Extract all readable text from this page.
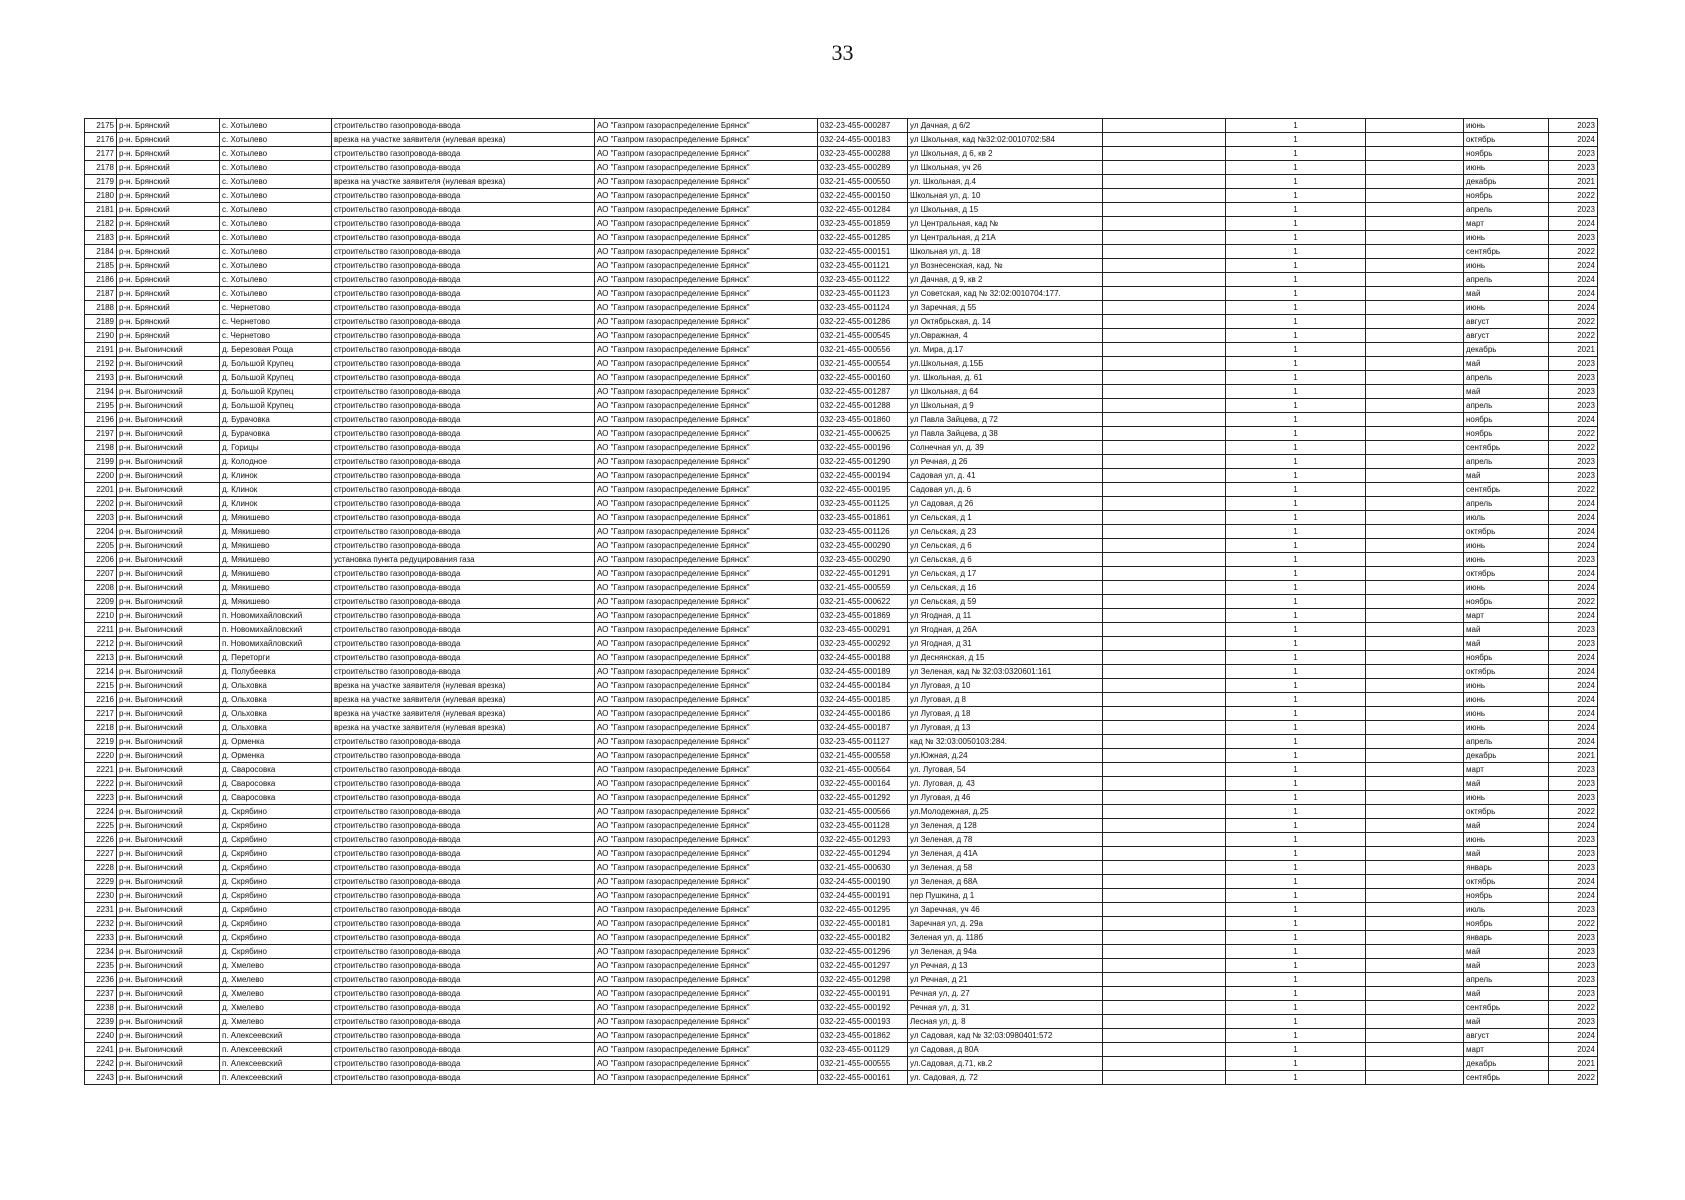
33
2175	р-н. Брянский	с. Хотылево	строительство газопровода-ввода	АО "Газпром газораспределение Брянск"	032-23-455-000287	ул Дачная, д 6/2		1		июнь	2023
2176	р-н. Брянский	с. Хотылево	врезка на участке заявителя (нулевая врезка)	АО "Газпром газораспределение Брянск"	032-24-455-000183	ул Школьная, кад №32:02:0010702:584		1		октябрь	2024
2177	р-н. Брянский	с. Хотылево	строительство газопровода-ввода	АО "Газпром газораспределение Брянск"	032-23-455-000288	ул Школьная, д 6, кв 2		1		ноябрь	2023
2178	р-н. Брянский	с. Хотылево	строительство газопровода-ввода	АО "Газпром газораспределение Брянск"	032-23-455-000289	ул Школьная, уч 26		1		июнь	2023
2179	р-н. Брянский	с. Хотылево	врезка на участке заявителя (нулевая врезка)	АО "Газпром газораспределение Брянск"	032-21-455-000550	ул. Школьная, д.4		1		декабрь	2021
2180	р-н. Брянский	с. Хотылево	строительство газопровода-ввода	АО "Газпром газораспределение Брянск"	032-22-455-000150	Школьная ул, д. 10		1		ноябрь	2022
2181	р-н. Брянский	с. Хотылево	строительство газопровода-ввода	АО "Газпром газораспределение Брянск"	032-22-455-001284	ул Школьная, д 15		1		апрель	2023
2182	р-н. Брянский	с. Хотылево	строительство газопровода-ввода	АО "Газпром газораспределение Брянск"	032-23-455-001859	ул Центральная, кад №		1		март	2024
2183	р-н. Брянский	с. Хотылево	строительство газопровода-ввода	АО "Газпром газораспределение Брянск"	032-22-455-001285	ул Центральная, д 21А		1		июнь	2023
2184	р-н. Брянский	с. Хотылево	строительство газопровода-ввода	АО "Газпром газораспределение Брянск"	032-22-455-000151	Школьная ул, д. 18		1		сентябрь	2022
2185	р-н. Брянский	с. Хотылево	строительство газопровода-ввода	АО "Газпром газораспределение Брянск"	032-23-455-001121	ул Вознесенская, кад. №		1		июнь	2024
2186	р-н. Брянский	с. Хотылево	строительство газопровода-ввода	АО "Газпром газораспределение Брянск"	032-23-455-001122	ул Дачная, д 9, кв 2		1		апрель	2024
2187	р-н. Брянский	с. Хотылево	строительство газопровода-ввода	АО "Газпром газораспределение Брянск"	032-23-455-001123	ул Советская, кад № 32:02:0010704:177.		1		май	2024
2188	р-н. Брянский	с. Чернетово	строительство газопровода-ввода	АО "Газпром газораспределение Брянск"	032-23-455-001124	ул Заречная, д 55		1		июнь	2024
2189	р-н. Брянский	с. Чернетово	строительство газопровода-ввода	АО "Газпром газораспределение Брянск"	032-22-455-001286	ул Октябрьская, д. 14		1		август	2022
2190	р-н. Брянский	с. Чернетово	строительство газопровода-ввода	АО "Газпром газораспределение Брянск"	032-21-455-000545	ул.Овражная, 4		1		август	2022
2191	р-н. Выгоничский	д. Березовая Роща	строительство газопровода-ввода	АО "Газпром газораспределение Брянск"	032-21-455-000556	ул. Мира, д.17		1		декабрь	2021
2192	р-н. Выгоничский	д. Большой Крупец	строительство газопровода-ввода	АО "Газпром газораспределение Брянск"	032-21-455-000554	ул.Школьная, д.15Б		1		май	2023
2193	р-н. Выгоничский	д. Большой Крупец	строительство газопровода-ввода	АО "Газпром газораспределение Брянск"	032-22-455-000160	ул. Школьная, д. 61		1		апрель	2023
2194	р-н. Выгоничский	д. Большой Крупец	строительство газопровода-ввода	АО "Газпром газораспределение Брянск"	032-22-455-001287	ул Школьная, д 64		1		май	2023
2195	р-н. Выгоничский	д. Большой Крупец	строительство газопровода-ввода	АО "Газпром газораспределение Брянск"	032-22-455-001288	ул Школьная, д 9		1		апрель	2023
2196	р-н. Выгоничский	д. Бурачовка	строительство газопровода-ввода	АО "Газпром газораспределение Брянск"	032-23-455-001860	ул Павла Зайцева, д 72		1		ноябрь	2024
2197	р-н. Выгоничский	д. Бурачовка	строительство газопровода-ввода	АО "Газпром газораспределение Брянск"	032-21-455-000625	ул Павла Зайцева, д 38		1		ноябрь	2022
2198	р-н. Выгоничский	д. Горицы	строительство газопровода-ввода	АО "Газпром газораспределение Брянск"	032-22-455-000196	Солнечная ул, д. 39		1		сентябрь	2022
2199	р-н. Выгоничский	д. Колодное	строительство газопровода-ввода	АО "Газпром газораспределение Брянск"	032-22-455-001290	ул Речная, д 26		1		апрель	2023
2200	р-н. Выгоничский	д. Клинок	строительство газопровода-ввода	АО "Газпром газораспределение Брянск"	032-22-455-000194	Садовая ул, д. 41		1		май	2023
2201	р-н. Выгоничский	д. Клинок	строительство газопровода-ввода	АО "Газпром газораспределение Брянск"	032-22-455-000195	Садовая ул, д. 6		1		сентябрь	2022
2202	р-н. Выгоничский	д. Клинок	строительство газопровода-ввода	АО "Газпром газораспределение Брянск"	032-23-455-001125	ул Садовая, д 26		1		апрель	2024
2203	р-н. Выгоничский	д. Мякишево	строительство газопровода-ввода	АО "Газпром газораспределение Брянск"	032-23-455-001861	ул Сельская, д 1		1		июль	2024
2204	р-н. Выгоничский	д. Мякишево	строительство газопровода-ввода	АО "Газпром газораспределение Брянск"	032-23-455-001126	ул Сельская, д 23		1		октябрь	2024
2205	р-н. Выгоничский	д. Мякишево	строительство газопровода-ввода	АО "Газпром газораспределение Брянск"	032-23-455-000290	ул Сельская, д 6		1		июнь	2024
2206	р-н. Выгоничский	д. Мякишево	установка пункта редуцирования газа	АО "Газпром газораспределение Брянск"	032-23-455-000290	ул Сельская, д 6		1		июнь	2023
2207	р-н. Выгоничский	д. Мякишево	строительство газопровода-ввода	АО "Газпром газораспределение Брянск"	032-22-455-001291	ул Сельская, д 17		1		октябрь	2024
2208	р-н. Выгоничский	д. Мякишево	строительство газопровода-ввода	АО "Газпром газораспределение Брянск"	032-21-455-000559	ул Сельская, д 16		1		июнь	2024
2209	р-н. Выгоничский	д. Мякишево	строительство газопровода-ввода	АО "Газпром газораспределение Брянск"	032-21-455-000622	ул Сельская, д 59		1		ноябрь	2022
2210	р-н. Выгоничский	п. Новомихайловский	строительство газопровода-ввода	АО "Газпром газораспределение Брянск"	032-23-455-001869	ул Ягодная, д 11		1		март	2024
2211	р-н. Выгоничский	п. Новомихайловский	строительство газопровода-ввода	АО "Газпром газораспределение Брянск"	032-23-455-000291	ул Ягодная, д 26А		1		май	2023
2212	р-н. Выгоничский	п. Новомихайловский	строительство газопровода-ввода	АО "Газпром газораспределение Брянск"	032-23-455-000292	ул Ягодная, д 31		1		май	2023
2213	р-н. Выгоничский	д. Переторги	строительство газопровода-ввода	АО "Газпром газораспределение Брянск"	032-24-455-000188	ул Деснянская, д 15		1		ноябрь	2024
2214	р-н. Выгоничский	д. Полубеевка	строительство газопровода-ввода	АО "Газпром газораспределение Брянск"	032-24-455-000189	ул Зеленая, кад № 32:03:0320601:161		1		октябрь	2024
2215	р-н. Выгоничский	д. Ольховка	врезка на участке заявителя (нулевая врезка)	АО "Газпром газораспределение Брянск"	032-24-455-000184	ул Луговая, д 10		1		июнь	2024
2216	р-н. Выгоничский	д. Ольховка	врезка на участке заявителя (нулевая врезка)	АО "Газпром газораспределение Брянск"	032-24-455-000185	ул Луговая, д 8		1		июнь	2024
2217	р-н. Выгоничский	д. Ольховка	врезка на участке заявителя (нулевая врезка)	АО "Газпром газораспределение Брянск"	032-24-455-000186	ул Луговая, д 18		1		июнь	2024
2218	р-н. Выгоничский	д. Ольховка	врезка на участке заявителя (нулевая врезка)	АО "Газпром газораспределение Брянск"	032-24-455-000187	ул Луговая, д 13		1		июнь	2024
2219	р-н. Выгоничский	д. Орменка	строительство газопровода-ввода	АО "Газпром газораспределение Брянск"	032-23-455-001127	кад № 32:03:0050103:284.		1		апрель	2024
2220	р-н. Выгоничский	д. Орменка	строительство газопровода-ввода	АО "Газпром газораспределение Брянск"	032-21-455-000558	ул.Южная, д.24		1		декабрь	2021
2221	р-н. Выгоничский	д. Сваросовка	строительство газопровода-ввода	АО "Газпром газораспределение Брянск"	032-21-455-000564	ул. Луговая, 54		1		март	2023
2222	р-н. Выгоничский	д. Сваросовка	строительство газопровода-ввода	АО "Газпром газораспределение Брянск"	032-22-455-000164	ул. Луговая, д. 43		1		май	2023
2223	р-н. Выгоничский	д. Сваросовка	строительство газопровода-ввода	АО "Газпром газораспределение Брянск"	032-22-455-001292	ул Луговая, д 46		1		июнь	2023
2224	р-н. Выгоничский	д. Скрябино	строительство газопровода-ввода	АО "Газпром газораспределение Брянск"	032-21-455-000566	ул.Молодежная, д.25		1		октябрь	2022
2225	р-н. Выгоничский	д. Скрябино	строительство газопровода-ввода	АО "Газпром газораспределение Брянск"	032-23-455-001128	ул Зеленая, д 128		1		май	2024
2226	р-н. Выгоничский	д. Скрябино	строительство газопровода-ввода	АО "Газпром газораспределение Брянск"	032-22-455-001293	ул Зеленая, д 78		1		июнь	2023
2227	р-н. Выгоничский	д. Скрябино	строительство газопровода-ввода	АО "Газпром газораспределение Брянск"	032-22-455-001294	ул Зеленая, д 41А		1		май	2023
2228	р-н. Выгоничский	д. Скрябино	строительство газопровода-ввода	АО "Газпром газораспределение Брянск"	032-21-455-000630	ул Зеленая, д 58		1		январь	2023
2229	р-н. Выгоничский	д. Скрябино	строительство газопровода-ввода	АО "Газпром газораспределение Брянск"	032-24-455-000190	ул Зеленая, д 68А		1		октябрь	2024
2230	р-н. Выгоничский	д. Скрябино	строительство газопровода-ввода	АО "Газпром газораспределение Брянск"	032-24-455-000191	пер Пушкина, д 1		1		ноябрь	2024
2231	р-н. Выгоничский	д. Скрябино	строительство газопровода-ввода	АО "Газпром газораспределение Брянск"	032-22-455-001295	ул Заречная, уч 46		1		июль	2023
2232	р-н. Выгоничский	д. Скрябино	строительство газопровода-ввода	АО "Газпром газораспределение Брянск"	032-22-455-000181	Заречная ул, д. 29а		1		ноябрь	2022
2233	р-н. Выгоничский	д. Скрябино	строительство газопровода-ввода	АО "Газпром газораспределение Брянск"	032-22-455-000182	Зеленая ул, д. 118б		1		январь	2023
2234	р-н. Выгоничский	д. Скрябино	строительство газопровода-ввода	АО "Газпром газораспределение Брянск"	032-22-455-001296	ул Зеленая, д 94а		1		май	2023
2235	р-н. Выгоничский	д. Хмелево	строительство газопровода-ввода	АО "Газпром газораспределение Брянск"	032-22-455-001297	ул Речная, д 13		1		май	2023
2236	р-н. Выгоничский	д. Хмелево	строительство газопровода-ввода	АО "Газпром газораспределение Брянск"	032-22-455-001298	ул Речная, д 21		1		апрель	2023
2237	р-н. Выгоничский	д. Хмелево	строительство газопровода-ввода	АО "Газпром газораспределение Брянск"	032-22-455-000191	Речная ул, д. 27		1		май	2023
2238	р-н. Выгоничский	д. Хмелево	строительство газопровода-ввода	АО "Газпром газораспределение Брянск"	032-22-455-000192	Речная ул, д. 31		1		сентябрь	2022
2239	р-н. Выгоничский	д. Хмелево	строительство газопровода-ввода	АО "Газпром газораспределение Брянск"	032-22-455-000193	Лесная ул, д. 8		1		май	2023
2240	р-н. Выгоничский	п. Алексеевский	строительство газопровода-ввода	АО "Газпром газораспределение Брянск"	032-23-455-001862	ул Садовая, кад № 32:03:0980401:572		1		август	2024
2241	р-н. Выгоничский	п. Алексеевский	строительство газопровода-ввода	АО "Газпром газораспределение Брянск"	032-23-455-001129	ул Садовая, д 80А		1		март	2024
2242	р-н. Выгоничский	п. Алексеевский	строительство газопровода-ввода	АО "Газпром газораспределение Брянск"	032-21-455-000555	ул.Садовая, д.71, кв.2		1		декабрь	2021
2243	р-н. Выгоничский	п. Алексеевский	строительство газопровода-ввода	АО "Газпром газораспределение Брянск"	032-22-455-000161	ул. Садовая, д. 72		1		сентябрь	2022
